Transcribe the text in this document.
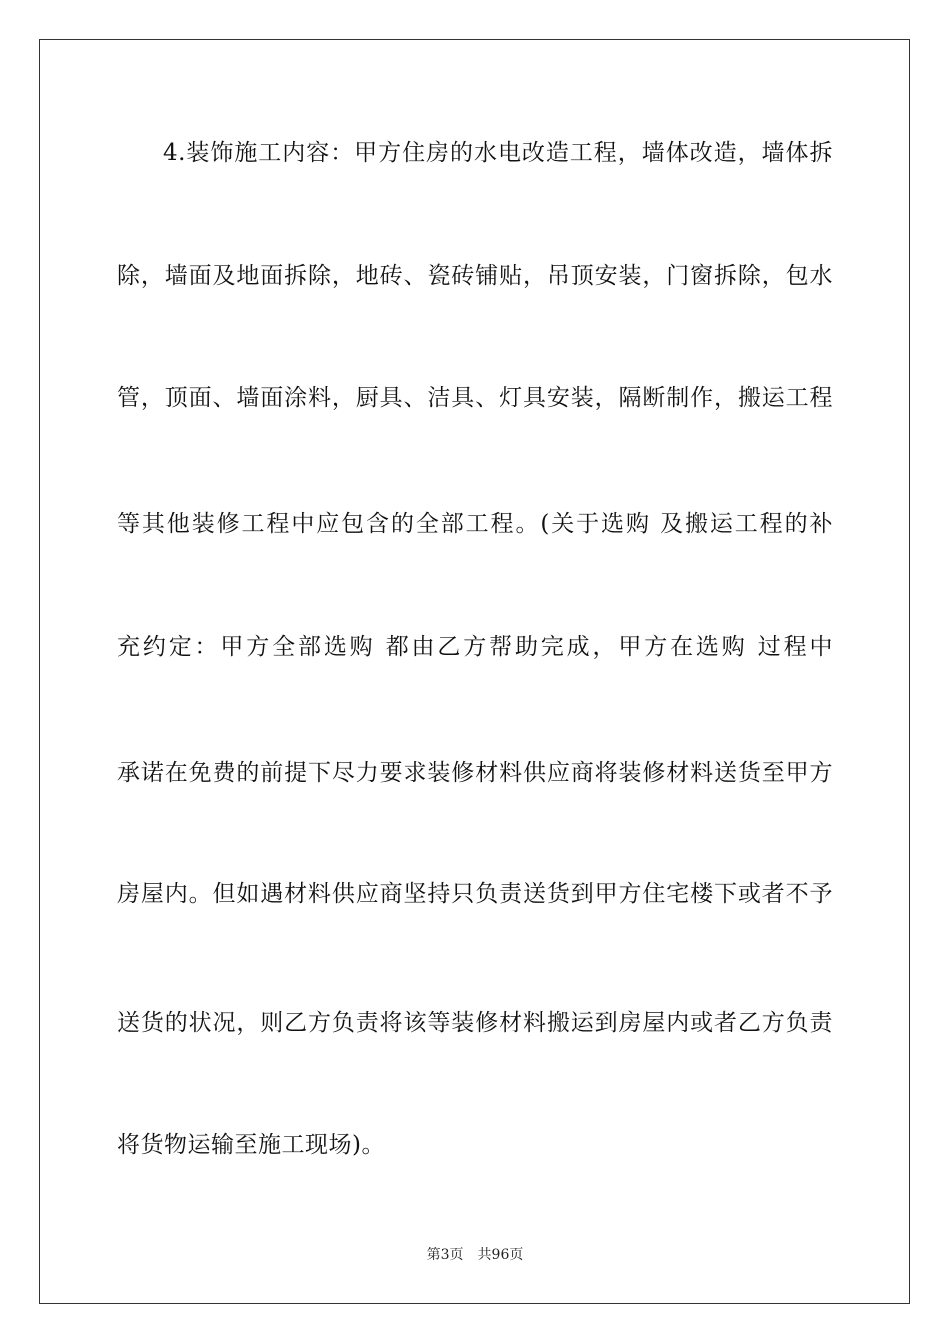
4.装饰施工内容：甲方住房的水电改造工程，墙体改造，墙体拆
除，墙面及地面拆除，地砖、瓷砖铺贴，吊顶安装，门窗拆除，包水
管，顶面、墙面涂料，厨具、洁具、灯具安装，隔断制作，搬运工程
等其他装修工程中应包含的全部工程。(关于选购 及搬运工程的补
充约定：甲方全部选购 都由乙方帮助完成，甲方在选购 过程中
承诺在免费的前提下尽力要求装修材料供应商将装修材料送货至甲方
房屋内。但如遇材料供应商坚持只负责送货到甲方住宅楼下或者不予
送货的状况，则乙方负责将该等装修材料搬运到房屋内或者乙方负责
将货物运输至施工现场)。
第3页 共96页
